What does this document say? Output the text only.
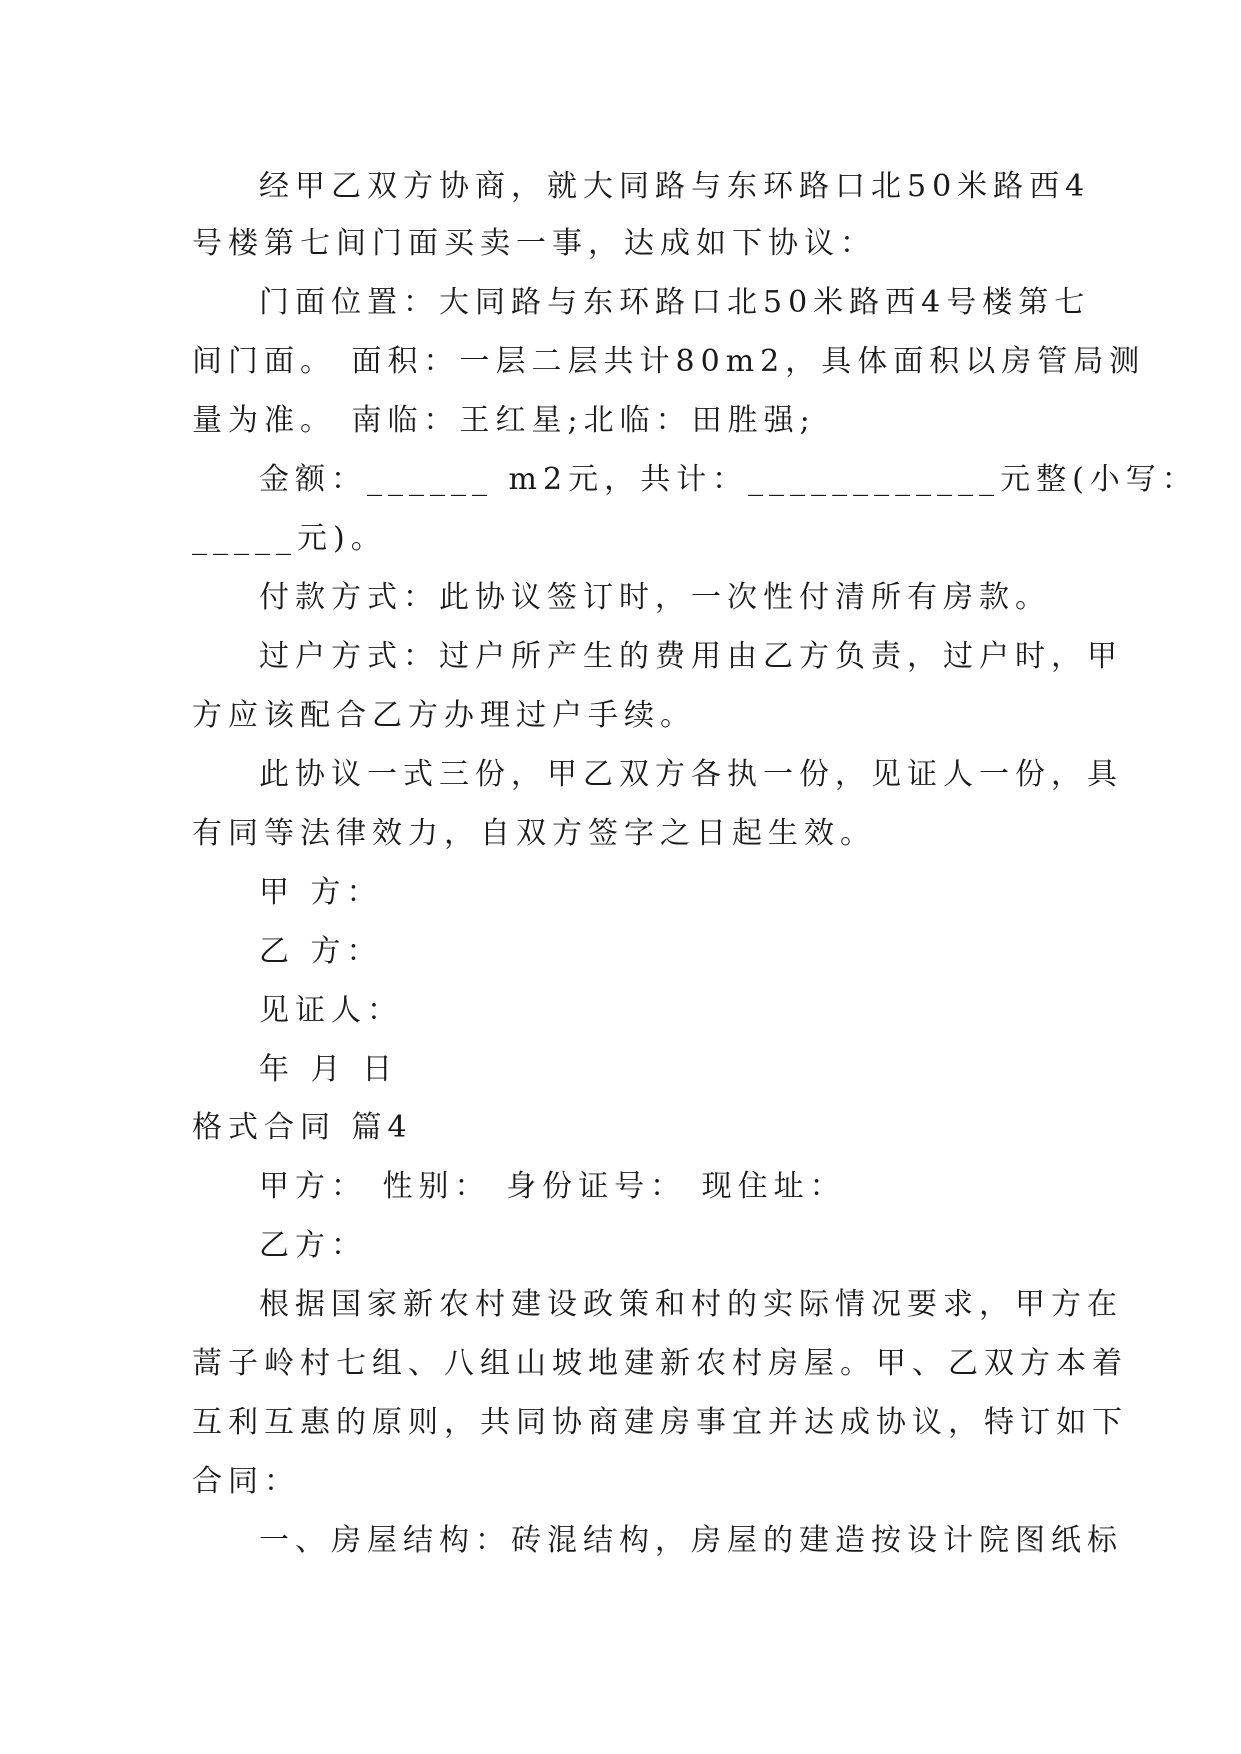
经甲乙双方协商，就大同路与东环路口北50米路西4
号楼第七间门面买卖一事，达成如下协议：
门面位置：大同路与东环路口北50米路西4号楼第七
间门面。 面积：一层二层共计80m2，具体面积以房管局测
量为准。 南临：王红星;北临：田胜强;
金额：______ m2元，共计：____________元整(小写：
_____元)。
付款方式：此协议签订时，一次性付清所有房款。
过户方式：过户所产生的费用由乙方负责，过户时，甲
方应该配合乙方办理过户手续。
此协议一式三份，甲乙双方各执一份，见证人一份，具
有同等法律效力，自双方签字之日起生效。
甲 方：
乙 方：
见证人：
年 月 日
格式合同 篇4
甲方： 性别： 身份证号： 现住址：
乙方：
根据国家新农村建设政策和村的实际情况要求，甲方在
蒿子岭村七组、八组山坡地建新农村房屋。甲、乙双方本着
互利互惠的原则，共同协商建房事宜并达成协议，特订如下
合同：
一、房屋结构：砖混结构，房屋的建造按设计院图纸标
